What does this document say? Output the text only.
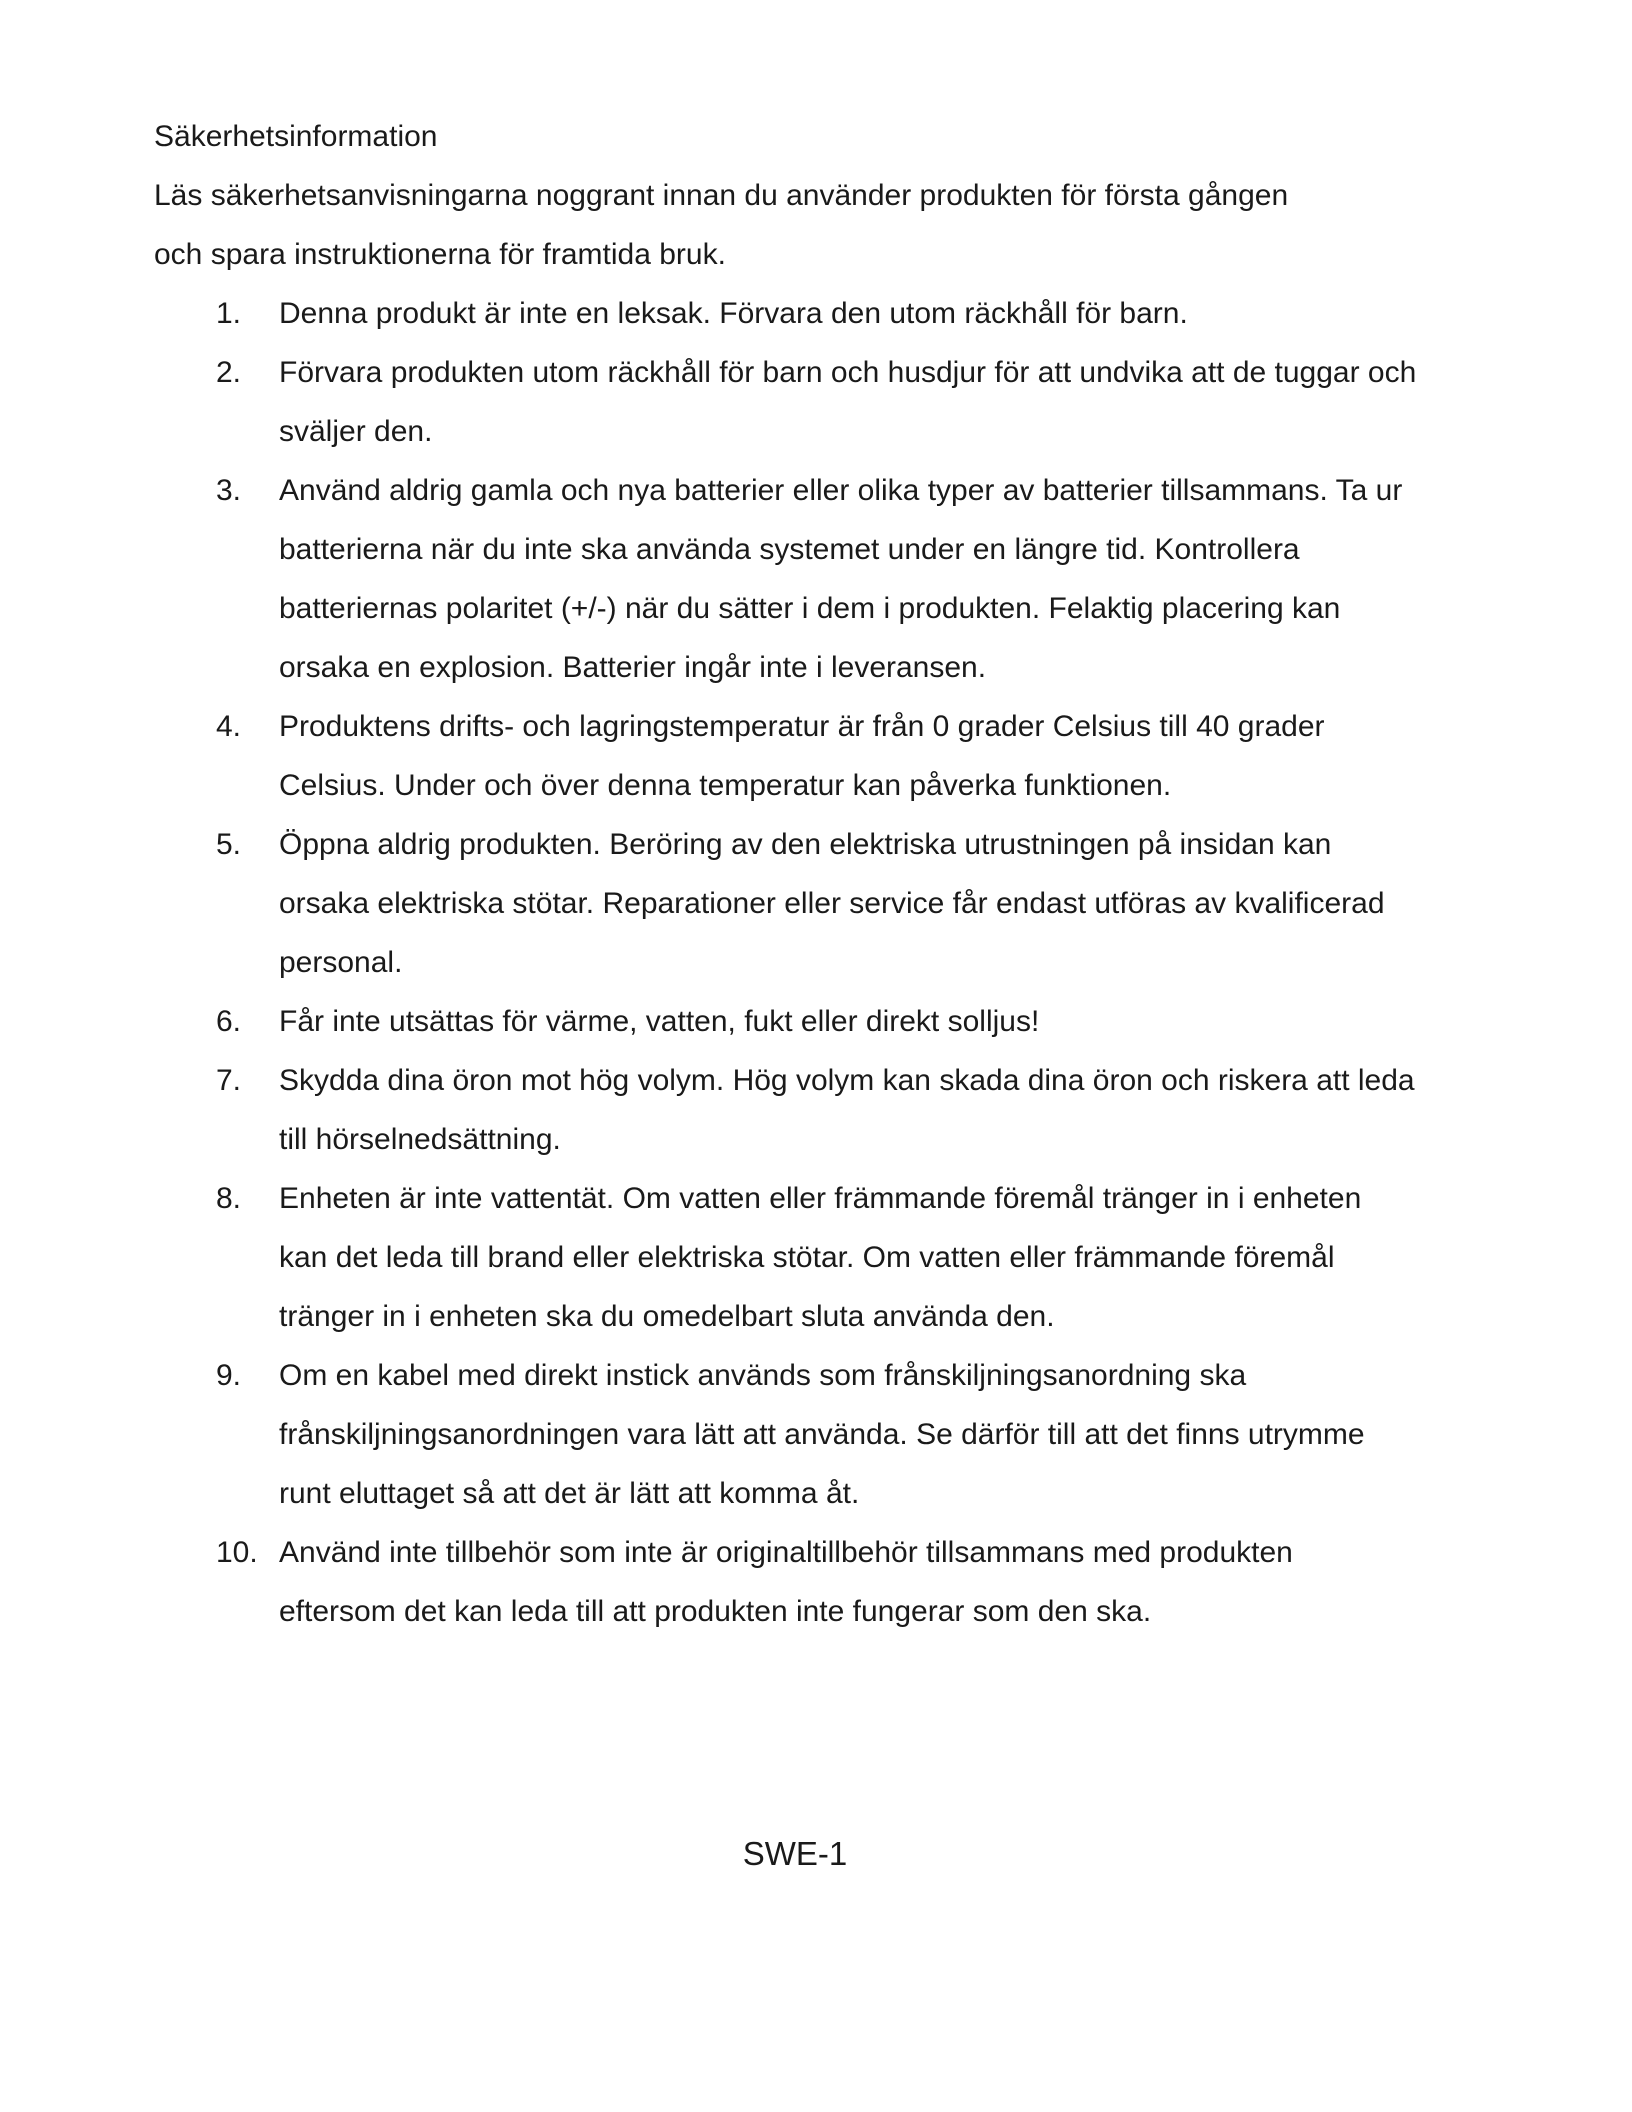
Säkerhetsinformation

Läs säkerhetsanvisningarna noggrant innan du använder produkten för första gången
och spara instruktionerna för framtida bruk.

1. Denna produkt är inte en leksak. Förvara den utom räckhåll för barn.
2. Förvara produkten utom räckhåll för barn och husdjur för att undvika att de tuggar och
sväljer den.
3. Använd aldrig gamla och nya batterier eller olika typer av batterier tillsammans. Ta ur
batterierna när du inte ska använda systemet under en längre tid. Kontrollera
batteriernas polaritet (+/-) när du sätter i dem i produkten. Felaktig placering kan
orsaka en explosion. Batterier ingår inte i leveransen.
4. Produktens drifts- och lagringstemperatur är från 0 grader Celsius till 40 grader
Celsius. Under och över denna temperatur kan påverka funktionen.
5. Öppna aldrig produkten. Beröring av den elektriska utrustningen på insidan kan
orsaka elektriska stötar. Reparationer eller service får endast utföras av kvalificerad
personal.
6. Får inte utsättas för värme, vatten, fukt eller direkt solljus!
7. Skydda dina öron mot hög volym. Hög volym kan skada dina öron och riskera att leda
till hörselnedsättning.
8. Enheten är inte vattentät. Om vatten eller främmande föremål tränger in i enheten
kan det leda till brand eller elektriska stötar. Om vatten eller främmande föremål
tränger in i enheten ska du omedelbart sluta använda den.
9. Om en kabel med direkt instick används som frånskiljningsanordning ska
frånskiljningsanordningen vara lätt att använda. Se därför till att det finns utrymme
runt eluttaget så att det är lätt att komma åt.
10. Använd inte tillbehör som inte är originaltillbehör tillsammans med produkten
eftersom det kan leda till att produkten inte fungerar som den ska.
SWE-1
